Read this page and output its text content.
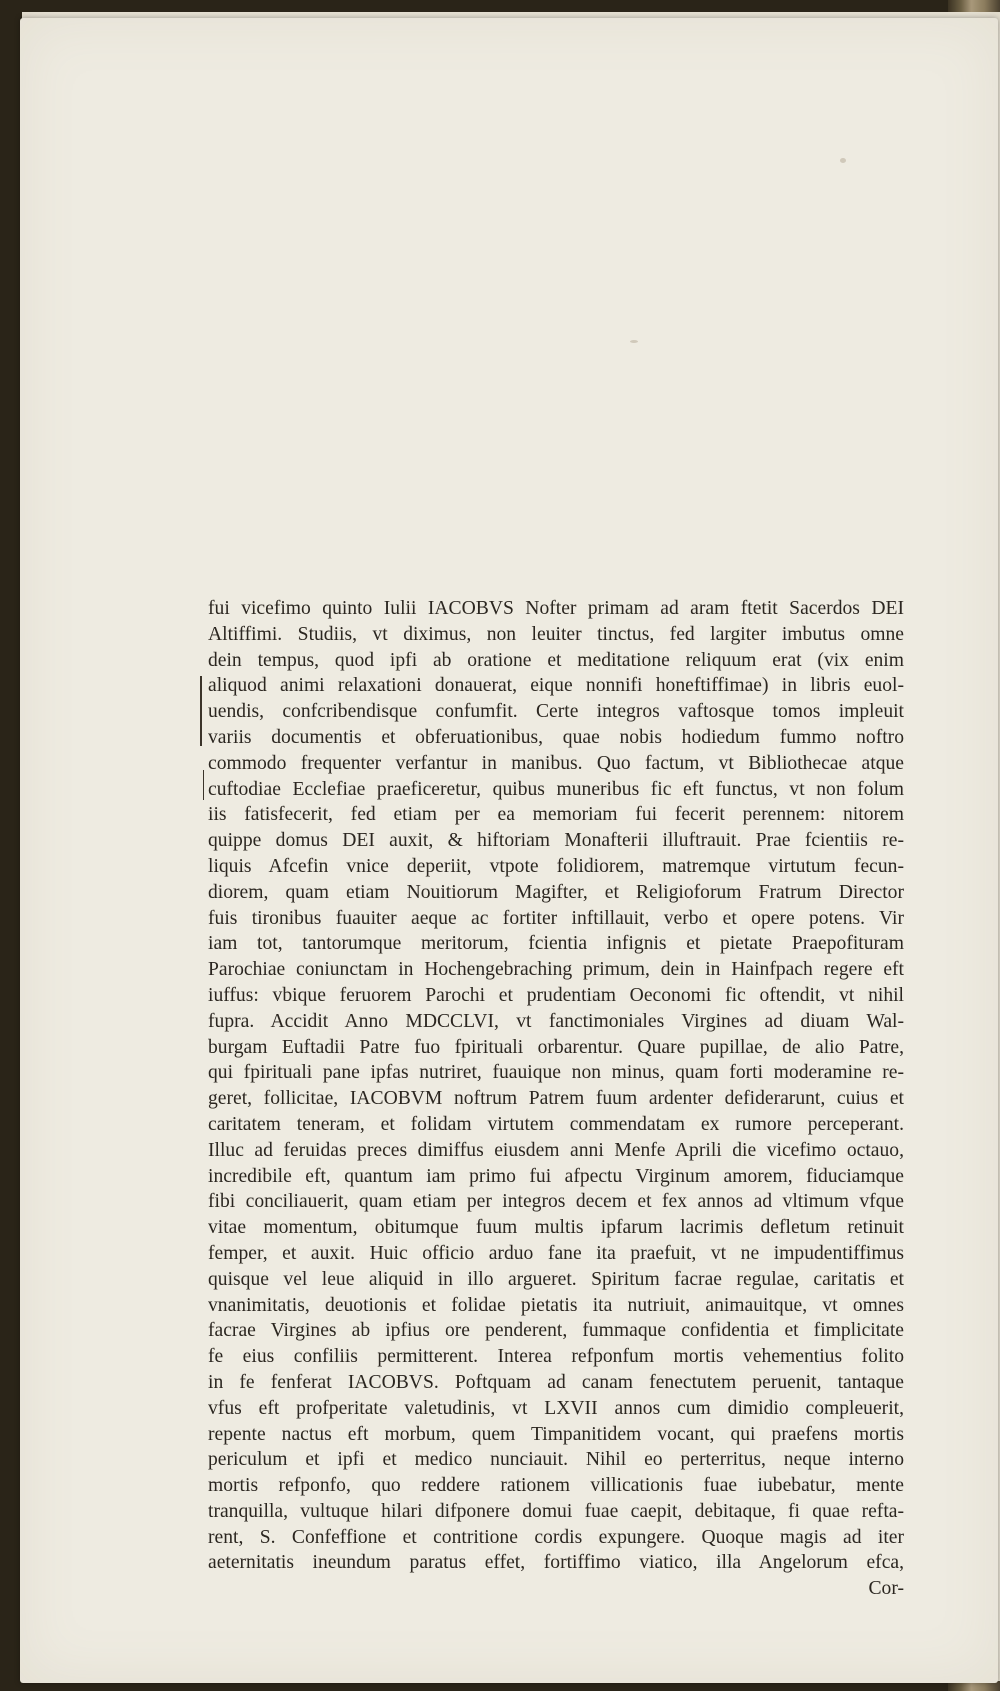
fui vicefimo quinto Iulii IACOBVS Nofter primam ad aram ftetit Sacerdos DEI
Altiffimi. Studiis, vt diximus, non leuiter tinctus, fed largiter imbutus omne
dein tempus, quod ipfi ab oratione et meditatione reliquum erat (vix enim
aliquod animi relaxationi donauerat, eique nonnifi honeftiffimae) in libris euol-
uendis, confcribendisque confumfit. Certe integros vaftosque tomos impleuit
variis documentis et obferuationibus, quae nobis hodiedum fummo noftro
commodo frequenter verfantur in manibus. Quo factum, vt Bibliothecae atque
cuftodiae Ecclefiae praeficeretur, quibus muneribus fic eft functus, vt non folum
iis fatisfecerit, fed etiam per ea memoriam fui fecerit perennem: nitorem
quippe domus DEI auxit, & hiftoriam Monafterii illuftrauit. Prae fcientiis re-
liquis Afcefin vnice deperiit, vtpote folidiorem, matremque virtutum fecun-
diorem, quam etiam Nouitiorum Magifter, et Religioforum Fratrum Director
fuis tironibus fuauiter aeque ac fortiter inftillauit, verbo et opere potens. Vir
iam tot, tantorumque meritorum, fcientia infignis et pietate Praepofituram
Parochiae coniunctam in Hochengebraching primum, dein in Hainfpach regere eft
iuffus: vbique feruorem Parochi et prudentiam Oeconomi fic oftendit, vt nihil
fupra. Accidit Anno MDCCLVI, vt fanctimoniales Virgines ad diuam Wal-
burgam Euftadii Patre fuo fpirituali orbarentur. Quare pupillae, de alio Patre,
qui fpirituali pane ipfas nutriret, fuauique non minus, quam forti moderamine re-
geret, follicitae, IACOBVM noftrum Patrem fuum ardenter defiderarunt, cuius et
caritatem teneram, et folidam virtutem commendatam ex rumore perceperant.
Illuc ad feruidas preces dimiffus eiusdem anni Menfe Aprili die vicefimo octauo,
incredibile eft, quantum iam primo fui afpectu Virginum amorem, fiduciamque
fibi conciliauerit, quam etiam per integros decem et fex annos ad vltimum vfque
vitae momentum, obitumque fuum multis ipfarum lacrimis defletum retinuit
femper, et auxit. Huic officio arduo fane ita praefuit, vt ne impudentiffimus
quisque vel leue aliquid in illo argueret. Spiritum facrae regulae, caritatis et
vnanimitatis, deuotionis et folidae pietatis ita nutriuit, animauitque, vt omnes
facrae Virgines ab ipfius ore penderent, fummaque confidentia et fimplicitate
fe eius confiliis permitterent. Interea refponfum mortis vehementius folito
in fe fenferat IACOBVS. Poftquam ad canam fenectutem peruenit, tantaque
vfus eft profperitate valetudinis, vt LXVII annos cum dimidio compleuerit,
repente nactus eft morbum, quem Timpanitidem vocant, qui praefens mortis
periculum et ipfi et medico nunciauit. Nihil eo perterritus, neque interno
mortis refponfo, quo reddere rationem villicationis fuae iubebatur, mente
tranquilla, vultuque hilari difponere domui fuae caepit, debitaque, fi quae refta-
rent, S. Confeffione et contritione cordis expungere. Quoque magis ad iter
aeternitatis ineundum paratus effet, fortiffimo viatico, illa Angelorum efca,
Cor-
